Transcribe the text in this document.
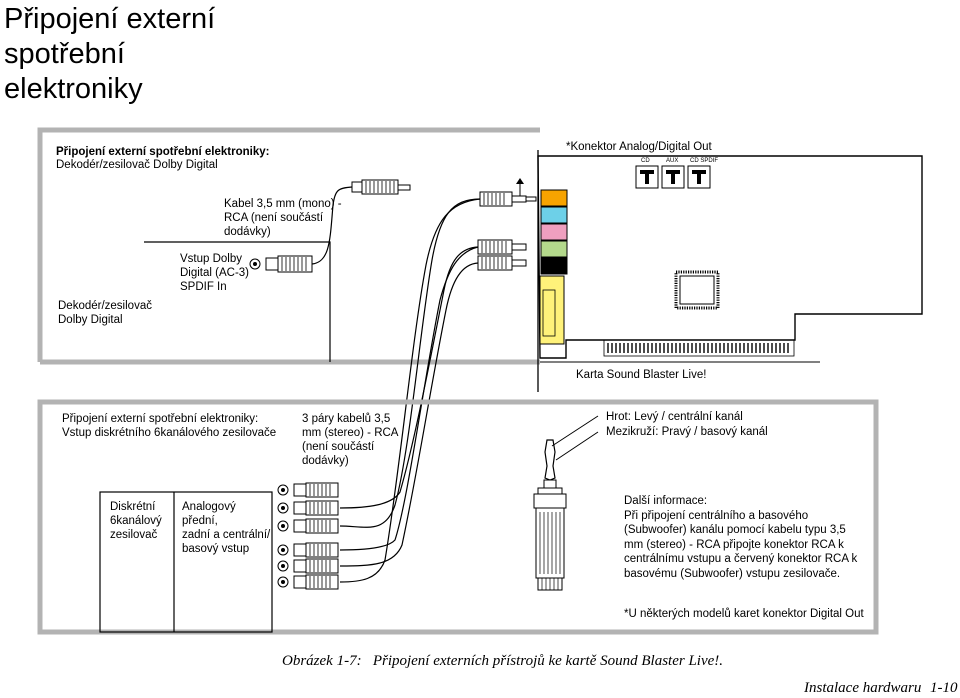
Připojení externí
spotřební
elektroniky
Připojení externí spotřební elektroniky:
Dekodér/zesilovač Dolby Digital
Kabel 3,5 mm (mono) -
RCA (není součástí
dodávky)
Vstup Dolby
Digital (AC-3)
SPDIF In
Dekodér/zesilovač
Dolby Digital
*Konektor Analog/Digital Out
CD	AUX CD SPDIF
Karta Sound Blaster Live!
Připojení externí spotřební elektroniky:
Vstup diskrétního 6kanálového zesilovače
3 páry kabelů 3,5
mm (stereo) - RCA
(není součástí
dodávky)
Hrot: Levý / centrální kanál
Mezikruží: Pravý / basový kanál
Diskrétní
6kanálový
zesilovač
Analogový přední,
zadní a centrální/
basový vstup
Další informace:
Při připojení centrálního a basového
(Subwoofer) kanálu pomocí kabelu typu 3,5
mm (stereo) - RCA připojte konektor RCA k
centrálnímu vstupu a červený konektor RCA k
basovému (Subwoofer) vstupu zesilovače.
*U některých modelů karet konektor Digital Out
Obrázek 1-7:   Připojení externích přístrojů ke kartě Sound Blaster Live!.
Instalace hardwaru 1-10
